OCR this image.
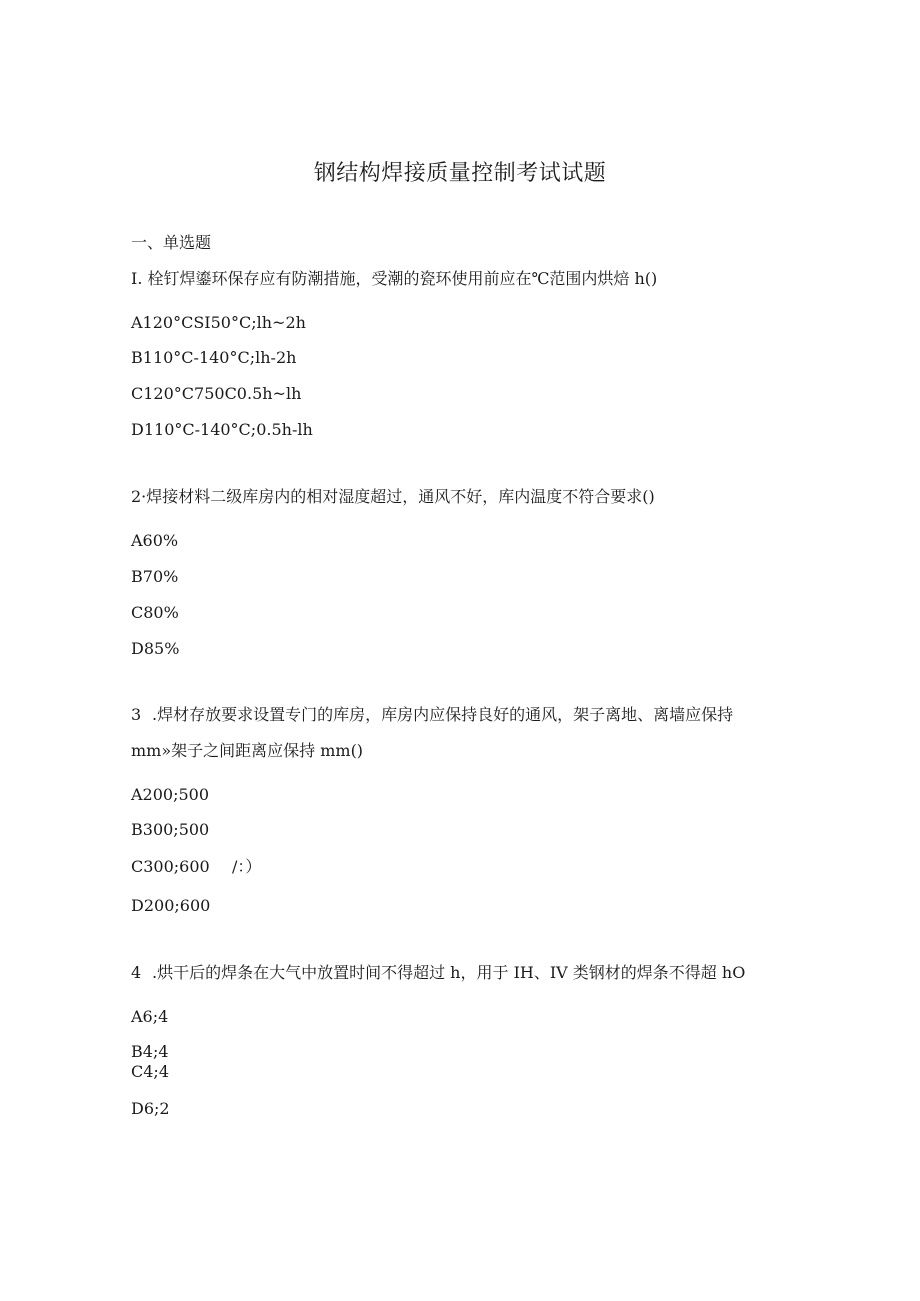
钢结构焊接质量控制考试试题
一、单选题
I. 栓钉焊鎏环保存应有防潮措施，受潮的瓷环使用前应在℃范围内烘焙 h()
A120°CSI50°C;lh~2h
B110°C-140°C;lh-2h
C120°C750C0.5h~lh
D110°C-140°C;0.5h-lh
2·焊接材料二级库房内的相对湿度超过，通风不好，库内温度不符合要求()
A60%
B70%
C80%
D85%
3 .焊材存放要求设置专门的库房，库房内应保持良好的通风，架子离地、离墙应保持
mm»架子之间距离应保持 mm()
A200;500
B300;500
C300;600 /：）
D200;600
4 .烘干后的焊条在大气中放置时间不得超过 h，用于 IH、IV 类钢材的焊条不得超 hO
A6;4
B4;4
C4;4
D6;2
